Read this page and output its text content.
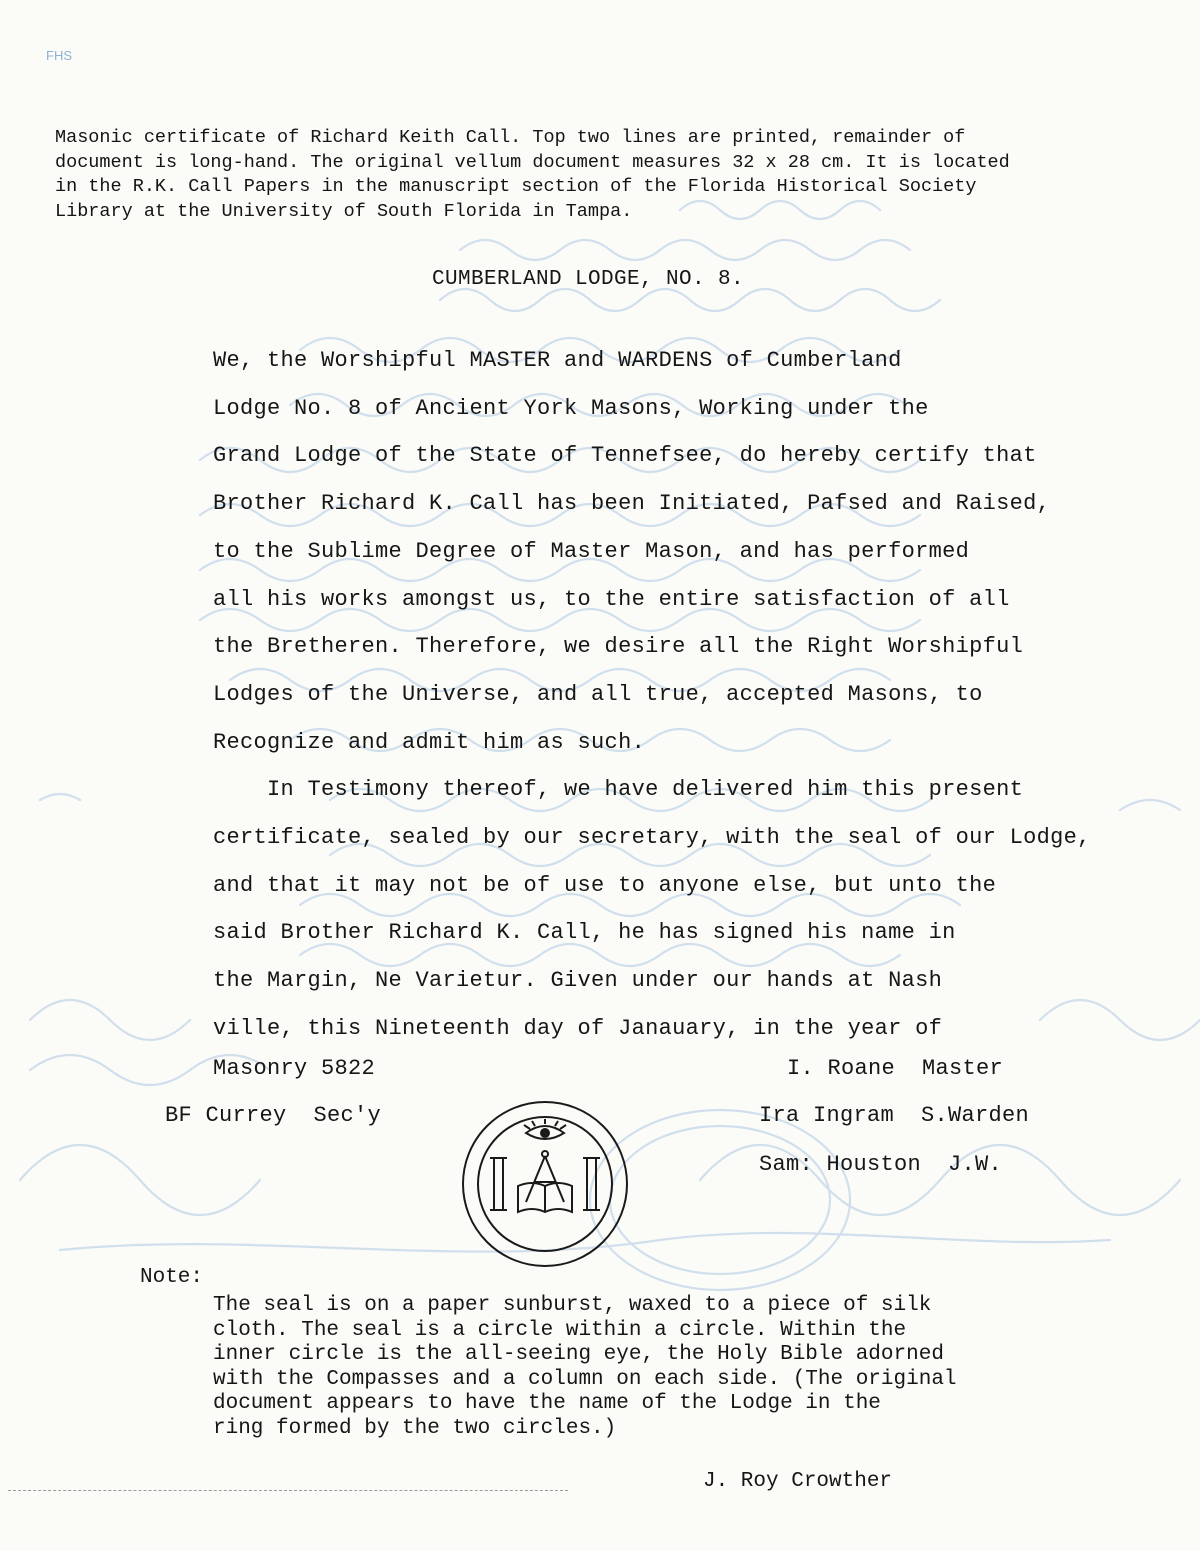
FHS
Masonic certificate of Richard Keith Call. Top two lines are printed, remainder of
document is long-hand. The original vellum document measures 32 x 28 cm. It is located
in the R.K. Call Papers in the manuscript section of the Florida Historical Society
Library at the University of South Florida in Tampa.
CUMBERLAND LODGE, NO. 8.
We, the Worshipful MASTER and WARDENS of Cumberland
Lodge No. 8 of Ancient York Masons, Working under the
Grand Lodge of the State of Tennefsee, do hereby certify that
Brother Richard K. Call has been Initiated, Pafsed and Raised,
to the Sublime Degree of Master Mason, and has performed
all his works amongst us, to the entire satisfaction of all
the Bretheren. Therefore, we desire all the Right Worshipful
Lodges of the Universe, and all true, accepted Masons, to
Recognize and admit him as such.
In Testimony thereof, we have delivered him this present
certificate, sealed by our secretary, with the seal of our Lodge,
and that it may not be of use to anyone else, but unto the
said Brother Richard K. Call, he has signed his name in
the Margin, Ne Varietur. Given under our hands at Nash
ville, this Nineteenth day of Janauary, in the year of
Masonry 5822	I. Roane  Master
BF Currey  Sec'y	Ira Ingram  S.Warden
Sam: Houston  J.W.
Note:
The seal is on a paper sunburst, waxed to a piece of silk
cloth. The seal is a circle within a circle. Within the
inner circle is the all-seeing eye, the Holy Bible adorned
with the Compasses and a column on each side. (The original
document appears to have the name of the Lodge in the
ring formed by the two circles.)
J. Roy Crowther
